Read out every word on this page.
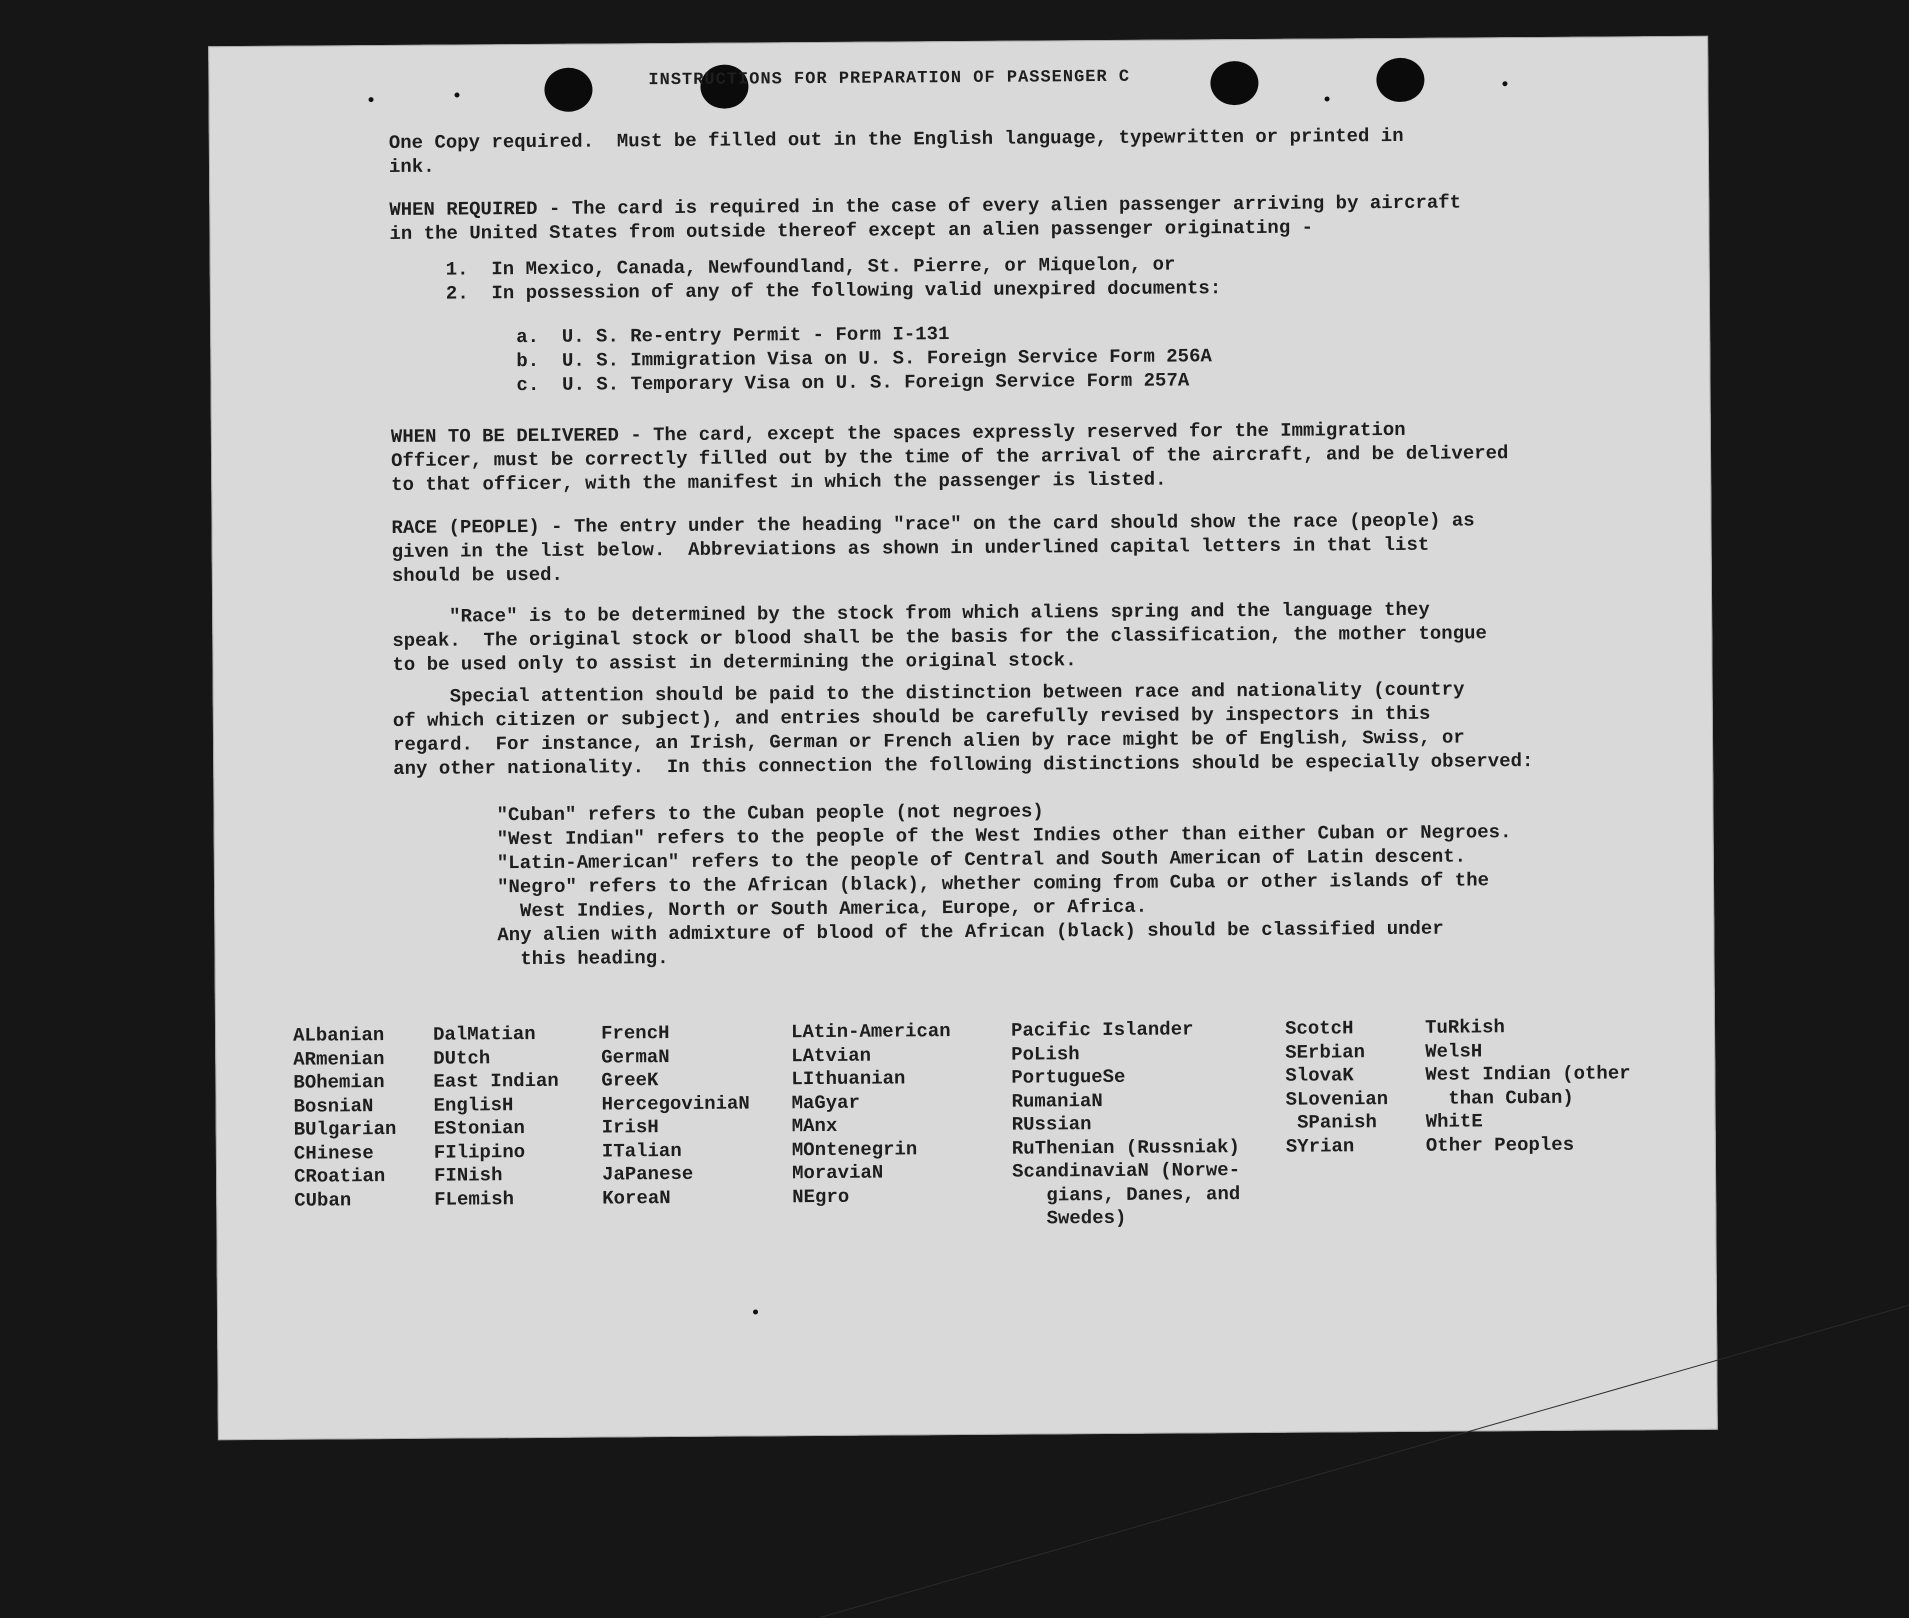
INSTRUCTIONS FOR PREPARATION OF PASSENGER C
One Copy required.  Must be filled out in the English language, typewritten or printed in
ink.
WHEN REQUIRED - The card is required in the case of every alien passenger arriving by aircraft
in the United States from outside thereof except an alien passenger originating -
1.  In Mexico, Canada, Newfoundland, St. Pierre, or Miquelon, or
2.  In possession of any of the following valid unexpired documents:
a.  U. S. Re-entry Permit - Form I-131
b.  U. S. Immigration Visa on U. S. Foreign Service Form 256A
c.  U. S. Temporary Visa on U. S. Foreign Service Form 257A
WHEN TO BE DELIVERED - The card, except the spaces expressly reserved for the Immigration
Officer, must be correctly filled out by the time of the arrival of the aircraft, and be delivered
to that officer, with the manifest in which the passenger is listed.
RACE (PEOPLE) - The entry under the heading "race" on the card should show the race (people) as
given in the list below.  Abbreviations as shown in underlined capital letters in that list
should be used.
"Race" is to be determined by the stock from which aliens spring and the language they
speak.  The original stock or blood shall be the basis for the classification, the mother tongue
to be used only to assist in determining the original stock.
Special attention should be paid to the distinction between race and nationality (country
of which citizen or subject), and entries should be carefully revised by inspectors in this
regard.  For instance, an Irish, German or French alien by race might be of English, Swiss, or
any other nationality.  In this connection the following distinctions should be especially observed:
"Cuban" refers to the Cuban people (not negroes)
"West Indian" refers to the people of the West Indies other than either Cuban or Negroes.
"Latin-American" refers to the people of Central and South American of Latin descent.
"Negro" refers to the African (black), whether coming from Cuba or other islands of the
West Indies, North or South America, Europe, or Africa.
Any alien with admixture of blood of the African (black) should be classified under
this heading.
ALbanian
ARmenian
BOhemian
BosniaN
BUlgarian
CHinese
CRoatian
CUban
DalMatian
DUtch
East Indian
EnglisH
EStonian
FIlipino
FINish
FLemish
FrencH
GermaN
GreeK
HercegoviniaN
IrisH
ITalian
JaPanese
KoreaN
LAtin-American
LAtvian
LIthuanian
MaGyar
MAnx
MOntenegrin
MoraviaN
NEgro
Pacific Islander
PoLish
PortugueSe
RumaniaN
RUssian
RuThenian (Russniak)
ScandinaviaN (Norwe-
gians, Danes, and
Swedes)
ScotcH
SErbian
SlovaK
SLovenian
SPanish
SYrian
TuRkish
WelsH
West Indian (other
than Cuban)
WhitE
Other Peoples
